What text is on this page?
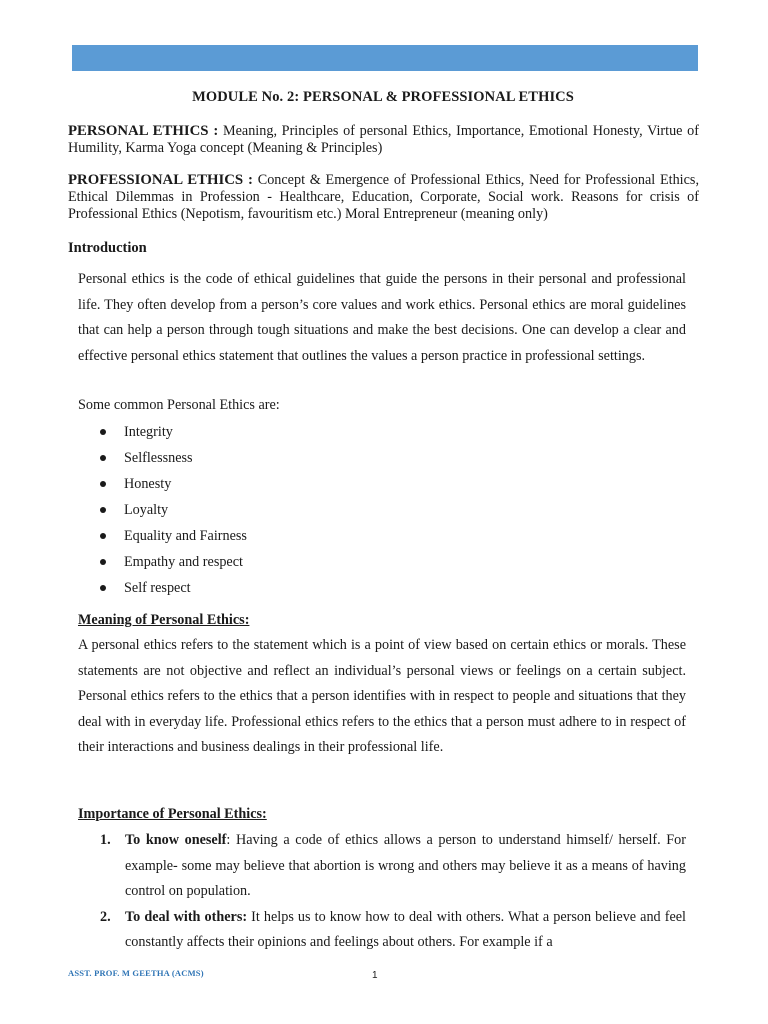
MODULE No. 2: PERSONAL & PROFESSIONAL ETHICS
PERSONAL ETHICS : Meaning, Principles of personal Ethics, Importance, Emotional Honesty, Virtue of Humility, Karma Yoga concept (Meaning & Principles)
PROFESSIONAL ETHICS : Concept & Emergence of Professional Ethics, Need for Professional Ethics, Ethical Dilemmas in Profession - Healthcare, Education, Corporate, Social work. Reasons for crisis of Professional Ethics (Nepotism, favouritism etc.) Moral Entrepreneur (meaning only)
Introduction
Personal ethics is the code of ethical guidelines that guide the persons in their personal and professional life. They often develop from a person’s core values and work ethics. Personal ethics are moral guidelines that can help a person through tough situations and make the best decisions. One can develop a clear and effective personal ethics statement that outlines the values a person practice in professional settings.
Some common Personal Ethics are:
Integrity
Selflessness
Honesty
Loyalty
Equality and Fairness
Empathy and respect
Self respect
Meaning of Personal Ethics:
A personal ethics refers to the statement which is a point of view based on certain ethics or morals. These statements are not objective and reflect an individual’s personal views or feelings on a certain subject. Personal ethics refers to the ethics that a person identifies with in respect to people and situations that they deal with in everyday life. Professional ethics refers to the ethics that a person must adhere to in respect of their interactions and business dealings in their professional life.
Importance of Personal Ethics:
1. To know oneself: Having a code of ethics allows a person to understand himself/ herself. For example- some may believe that abortion is wrong and others may believe it as a means of having control on population.
2. To deal with others: It helps us to know how to deal with others. What a person believe and feel constantly affects their opinions and feelings about others. For example if a
ASST. PROF. M GEETHA (ACMS)	1
